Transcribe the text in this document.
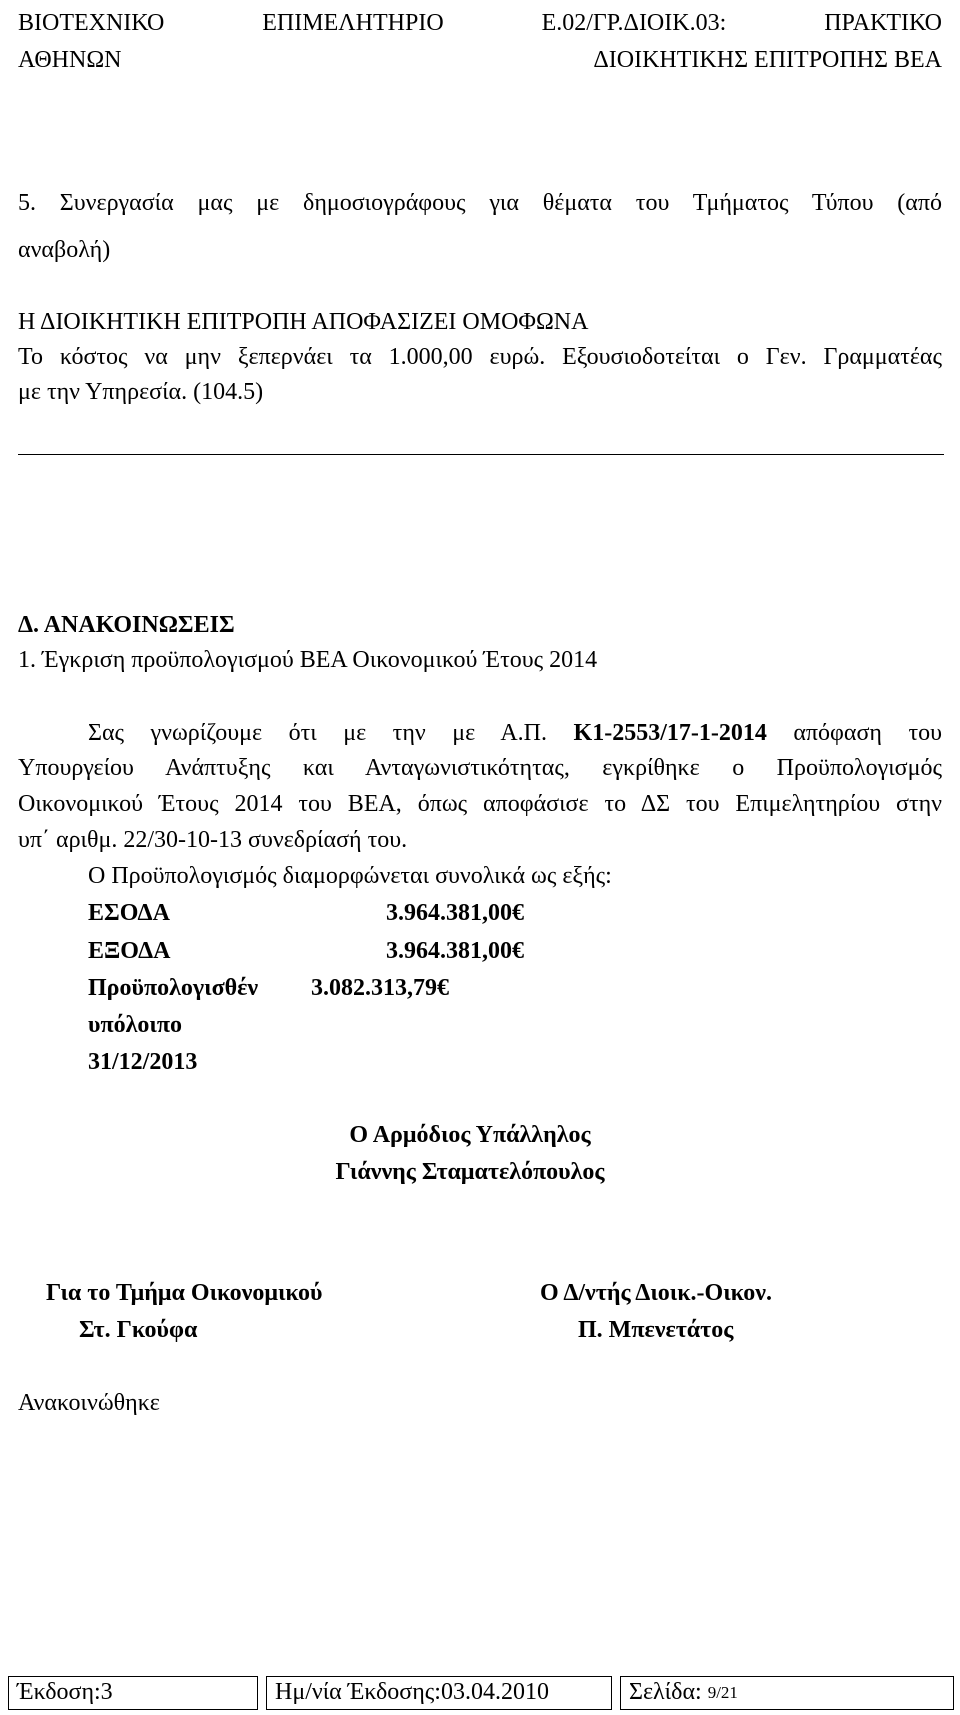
ΒΙΟΤΕΧΝΙΚΟ	ΕΠΙΜΕΛΗΤΗΡΙΟ	Ε.02/ΓΡ.ΔΙΟΙΚ.03:	ΠΡΑΚΤΙΚΟ
ΑΘΗΝΩΝ	ΔΙΟΙΚΗΤΙΚΗΣ ΕΠΙΤΡΟΠΗΣ ΒΕΑ
5. Συνεργασία μας με δημοσιογράφους για θέματα του Τμήματος Τύπου (από
αναβολή)
Η ΔΙΟΙΚΗΤΙΚΗ ΕΠΙΤΡΟΠΗ ΑΠΟΦΑΣΙΖΕΙ ΟΜΟΦΩΝΑ
Το κόστος να μην ξεπερνάει τα 1.000,00 ευρώ. Εξουσιοδοτείται ο Γεν. Γραμματέας
με την Υπηρεσία. (104.5)
Δ. ΑΝΑΚΟΙΝΩΣΕΙΣ
1. Έγκριση προϋπολογισμού ΒΕΑ Οικονομικού Έτους 2014
Σας γνωρίζουμε ότι με την με Α.Π. Κ1-2553/17-1-2014 απόφαση του
Υπουργείου Ανάπτυξης και Ανταγωνιστικότητας, εγκρίθηκε ο Προϋπολογισμός
Οικονομικού Έτους 2014 του ΒΕΑ, όπως αποφάσισε το ΔΣ του Επιμελητηρίου στην
υπ΄ αριθμ. 22/30-10-13 συνεδρίασή του.
Ο Προϋπολογισμός διαμορφώνεται συνολικά ως εξής:
ΕΣΟΔΑ	3.964.381,00€
ΕΞΟΔΑ	3.964.381,00€
Προϋπολογισθέν 3.082.313,79€
υπόλοιπο
31/12/2013
Ο Αρμόδιος Υπάλληλος
Γιάννης Σταματελόπουλος
Για το Τμήμα Οικονομικού
Στ. Γκούφα
Ο Δ/ντής Διοικ.-Οικον.
Π. Μπενετάτος
Ανακοινώθηκε
Έκδοση:3	Ημ/νία Έκδοσης:03.04.2010	Σελίδα:
9/21
